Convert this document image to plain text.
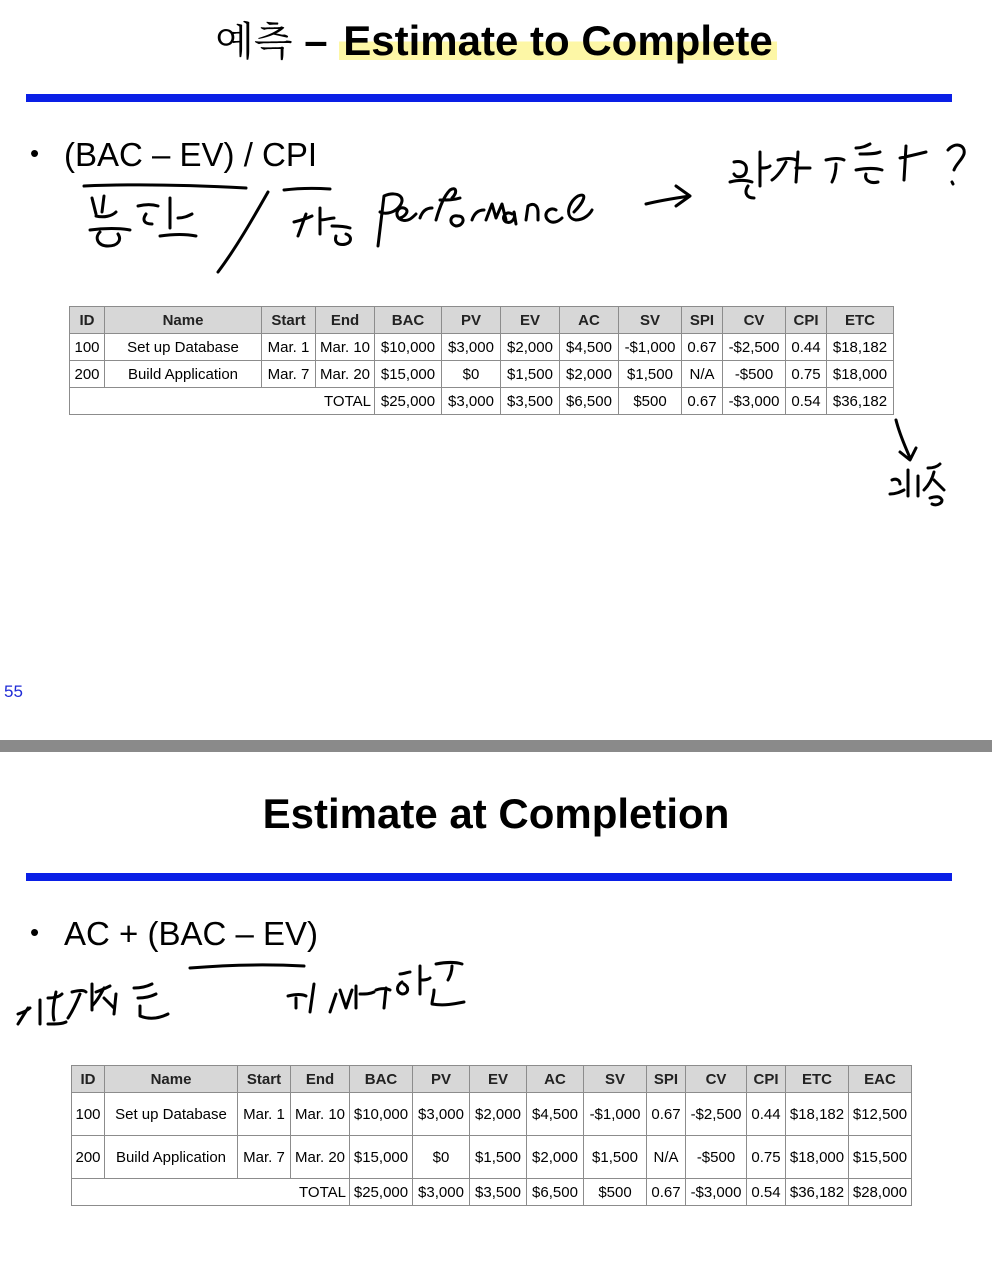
예측 – Estimate to Complete
• (BAC – EV) / CPI
ID	Name	Start	End	BAC	PV	EV	AC	SV	SPI	CV	CPI	ETC
100	Set up Database	Mar. 1	Mar. 10	$10,000	$3,000	$2,000	$4,500	-$1,000	0.67	-$2,500	0.44	$18,182
200	Build Application	Mar. 7	Mar. 20	$15,000	$0	$1,500	$2,000	$1,500	N/A	-$500	0.75	$18,000
TOTAL				$25,000	$3,000	$3,500	$6,500	$500	0.67	-$3,000	0.54	$36,182
55
Estimate at Completion
• AC + (BAC – EV)
ID	Name	Start	End	BAC	PV	EV	AC	SV	SPI	CV	CPI	ETC	EAC
100	Set up Database	Mar. 1	Mar. 10	$10,000	$3,000	$2,000	$4,500	-$1,000	0.67	-$2,500	0.44	$18,182	$12,500
200	Build Application	Mar. 7	Mar. 20	$15,000	$0	$1,500	$2,000	$1,500	N/A	-$500	0.75	$18,000	$15,500
TOTAL				$25,000	$3,000	$3,500	$6,500	$500	0.67	-$3,000	0.54	$36,182	$28,000
